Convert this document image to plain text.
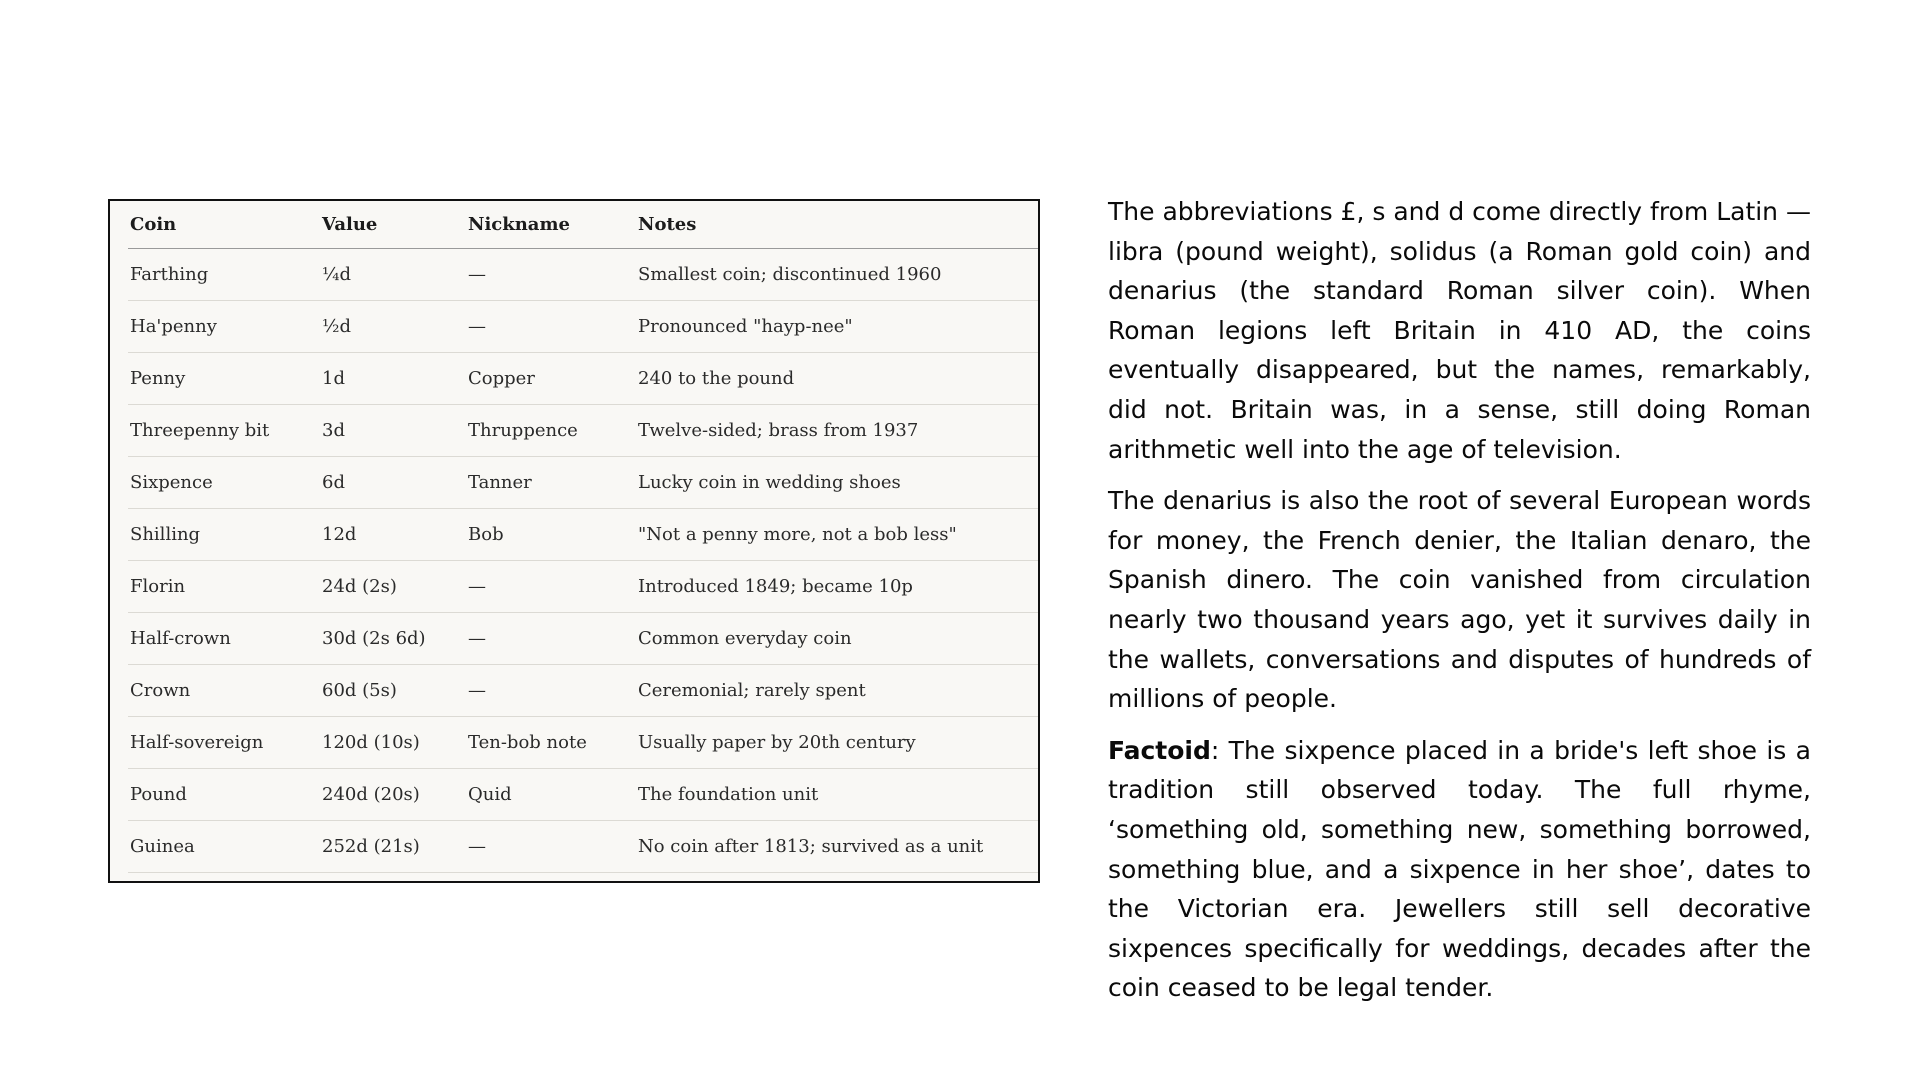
Coin	Value	Nickname	Notes
Farthing	¼d	—	Smallest coin; discontinued 1960
Ha'penny	½d	—	Pronounced "hayp-nee"
Penny	1d	Copper	240 to the pound
Threepenny bit	3d	Thruppence	Twelve-sided; brass from 1937
Sixpence	6d	Tanner	Lucky coin in wedding shoes
Shilling	12d	Bob	"Not a penny more, not a bob less"
Florin	24d (2s)	—	Introduced 1849; became 10p
Half-crown	30d (2s 6d)	—	Common everyday coin
Crown	60d (5s)	—	Ceremonial; rarely spent
Half-sovereign	120d (10s)	Ten-bob note	Usually paper by 20th century
Pound	240d (20s)	Quid	The foundation unit
Guinea	252d (21s)	—	No coin after 1813; survived as a unit

The abbreviations £, s and d come directly from Latin — libra (pound weight), solidus (a Roman gold coin) and denarius (the standard Roman silver coin). When Roman legions left Britain in 410 AD, the coins eventually disappeared, but the names, remarkably, did not. Britain was, in a sense, still doing Roman arithmetic well into the age of television.

The denarius is also the root of several European words for money, the French denier, the Italian denaro, the Spanish dinero. The coin vanished from circulation nearly two thousand years ago, yet it survives daily in the wallets, conversations and disputes of hundreds of millions of people.

Factoid: The sixpence placed in a bride's left shoe is a tradition still observed today. The full rhyme, ‘something old, something new, something borrowed, something blue, and a sixpence in her shoe’, dates to the Victorian era. Jewellers still sell decorative sixpences specifically for weddings, decades after the coin ceased to be legal tender.
